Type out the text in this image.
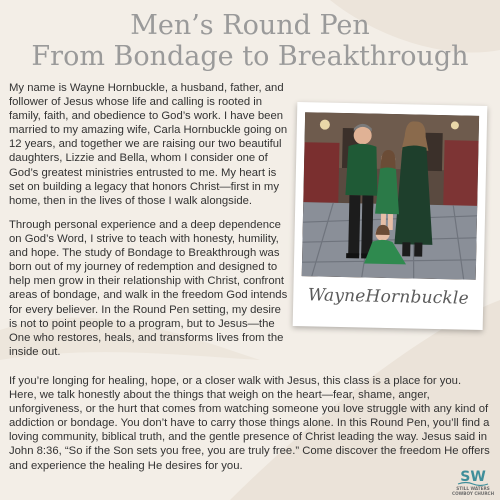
Men’s Round Pen
From Bondage to Breakthrough

My name is Wayne Hornbuckle, a husband, father, and follower of Jesus whose life and calling is rooted in family, faith, and obedience to God’s work. I have been married to my amazing wife, Carla Hornbuckle going on 12 years, and together we are raising our two beautiful daughters, Lizzie and Bella, whom I consider one of God’s greatest ministries entrusted to me. My heart is set on building a legacy that honors Christ—first in my home, then in the lives of those I walk alongside.

Through personal experience and a deep dependence on God’s Word, I strive to teach with honesty, humility, and hope. The study of Bondage to Breakthrough was born out of my journey of redemption and designed to help men grow in their relationship with Christ, confront areas of bondage, and walk in the freedom God intends for every believer. In the Round Pen setting, my desire is not to point people to a program, but to Jesus—the One who restores, heals, and transforms lives from the inside out.

If you’re longing for healing, hope, or a closer walk with Jesus, this class is a place for you. Here, we talk honestly about the things that weigh on the heart—fear, shame, anger, unforgiveness, or the hurt that comes from watching someone you love struggle with any kind of addiction or bondage. You don’t have to carry those things alone. In this Round Pen, you’ll find a loving community, biblical truth, and the gentle presence of Christ leading the way. Jesus said in John 8:36, “So if the Son sets you free, you are truly free.” Come discover the freedom He offers and experience the healing He desires for you.

WayneHornbuckle
SW
STILL WATERS
COWBOY CHURCH
